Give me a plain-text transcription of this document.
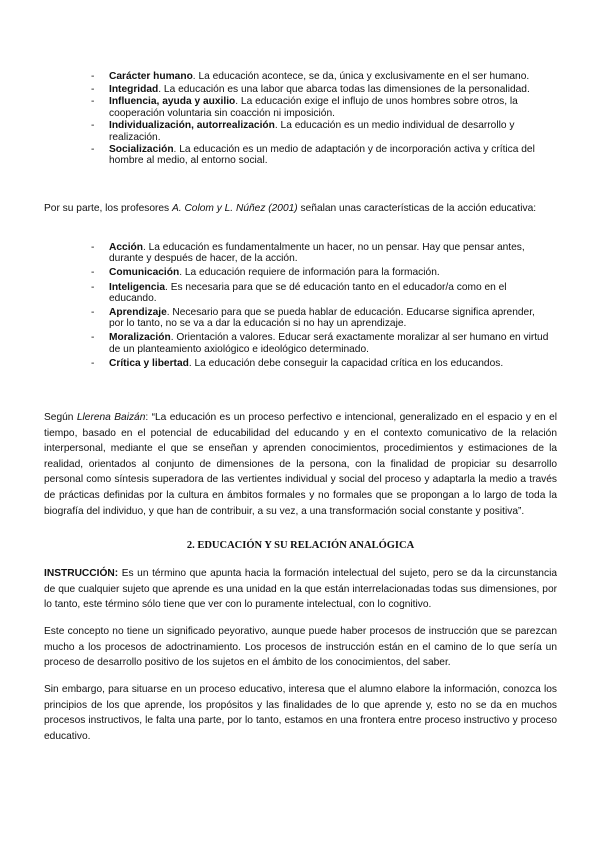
- Carácter humano. La educación acontece, se da, única y exclusivamente en el ser humano.
- Integridad. La educación es una labor que abarca todas las dimensiones de la personalidad.
- Influencia, ayuda y auxilio. La educación exige el influjo de unos hombres sobre otros, la cooperación voluntaria sin coacción ni imposición.
- Individualización, autorrealización. La educación es un medio individual de desarrollo y realización.
- Socialización. La educación es un medio de adaptación y de incorporación activa y crítica del hombre al medio, al entorno social.

Por su parte, los profesores A. Colom y L. Núñez (2001) señalan unas características de la acción educativa:

- Acción. La educación es fundamentalmente un hacer, no un pensar. Hay que pensar antes, durante y después de hacer, de la acción.
- Comunicación. La educación requiere de información para la formación.
- Inteligencia. Es necesaria para que se dé educación tanto en el educador/a como en el educando.
- Aprendizaje. Necesario para que se pueda hablar de educación. Educarse significa aprender, por lo tanto, no se va a dar la educación si no hay un aprendizaje.
- Moralización. Orientación a valores. Educar será exactamente moralizar al ser humano en virtud de un planteamiento axiológico e ideológico determinado.
- Crítica y libertad. La educación debe conseguir la capacidad crítica en los educandos.

Según Llerena Baizán: “La educación es un proceso perfectivo e intencional, generalizado en el espacio y en el tiempo, basado en el potencial de educabilidad del educando y en el contexto comunicativo de la relación interpersonal, mediante el que se enseñan y aprenden conocimientos, procedimientos y estimaciones de la realidad, orientados al conjunto de dimensiones de la persona, con la finalidad de propiciar su desarrollo personal como síntesis superadora de las vertientes individual y social del proceso y adaptarla la medio a través de prácticas definidas por la cultura en ámbitos formales y no formales que se propongan a lo largo de toda la biografía del individuo, y que han de contribuir, a su vez, a una transformación social constante y positiva”.

2. EDUCACIÓN Y SU RELACIÓN ANALÓGICA

INSTRUCCIÓN: Es un término que apunta hacia la formación intelectual del sujeto, pero se da la circunstancia de que cualquier sujeto que aprende es una unidad en la que están interrelacionadas todas sus dimensiones, por lo tanto, este término sólo tiene que ver con lo puramente intelectual, con lo cognitivo.

Este concepto no tiene un significado peyorativo, aunque puede haber procesos de instrucción que se parezcan mucho a los procesos de adoctrinamiento. Los procesos de instrucción están en el camino de lo que sería un proceso de desarrollo positivo de los sujetos en el ámbito de los conocimientos, del saber.

Sin embargo, para situarse en un proceso educativo, interesa que el alumno elabore la información, conozca los principios de los que aprende, los propósitos y las finalidades de lo que aprende y, esto no se da en muchos procesos instructivos, le falta una parte, por lo tanto, estamos en una frontera entre proceso instructivo y proceso educativo.
